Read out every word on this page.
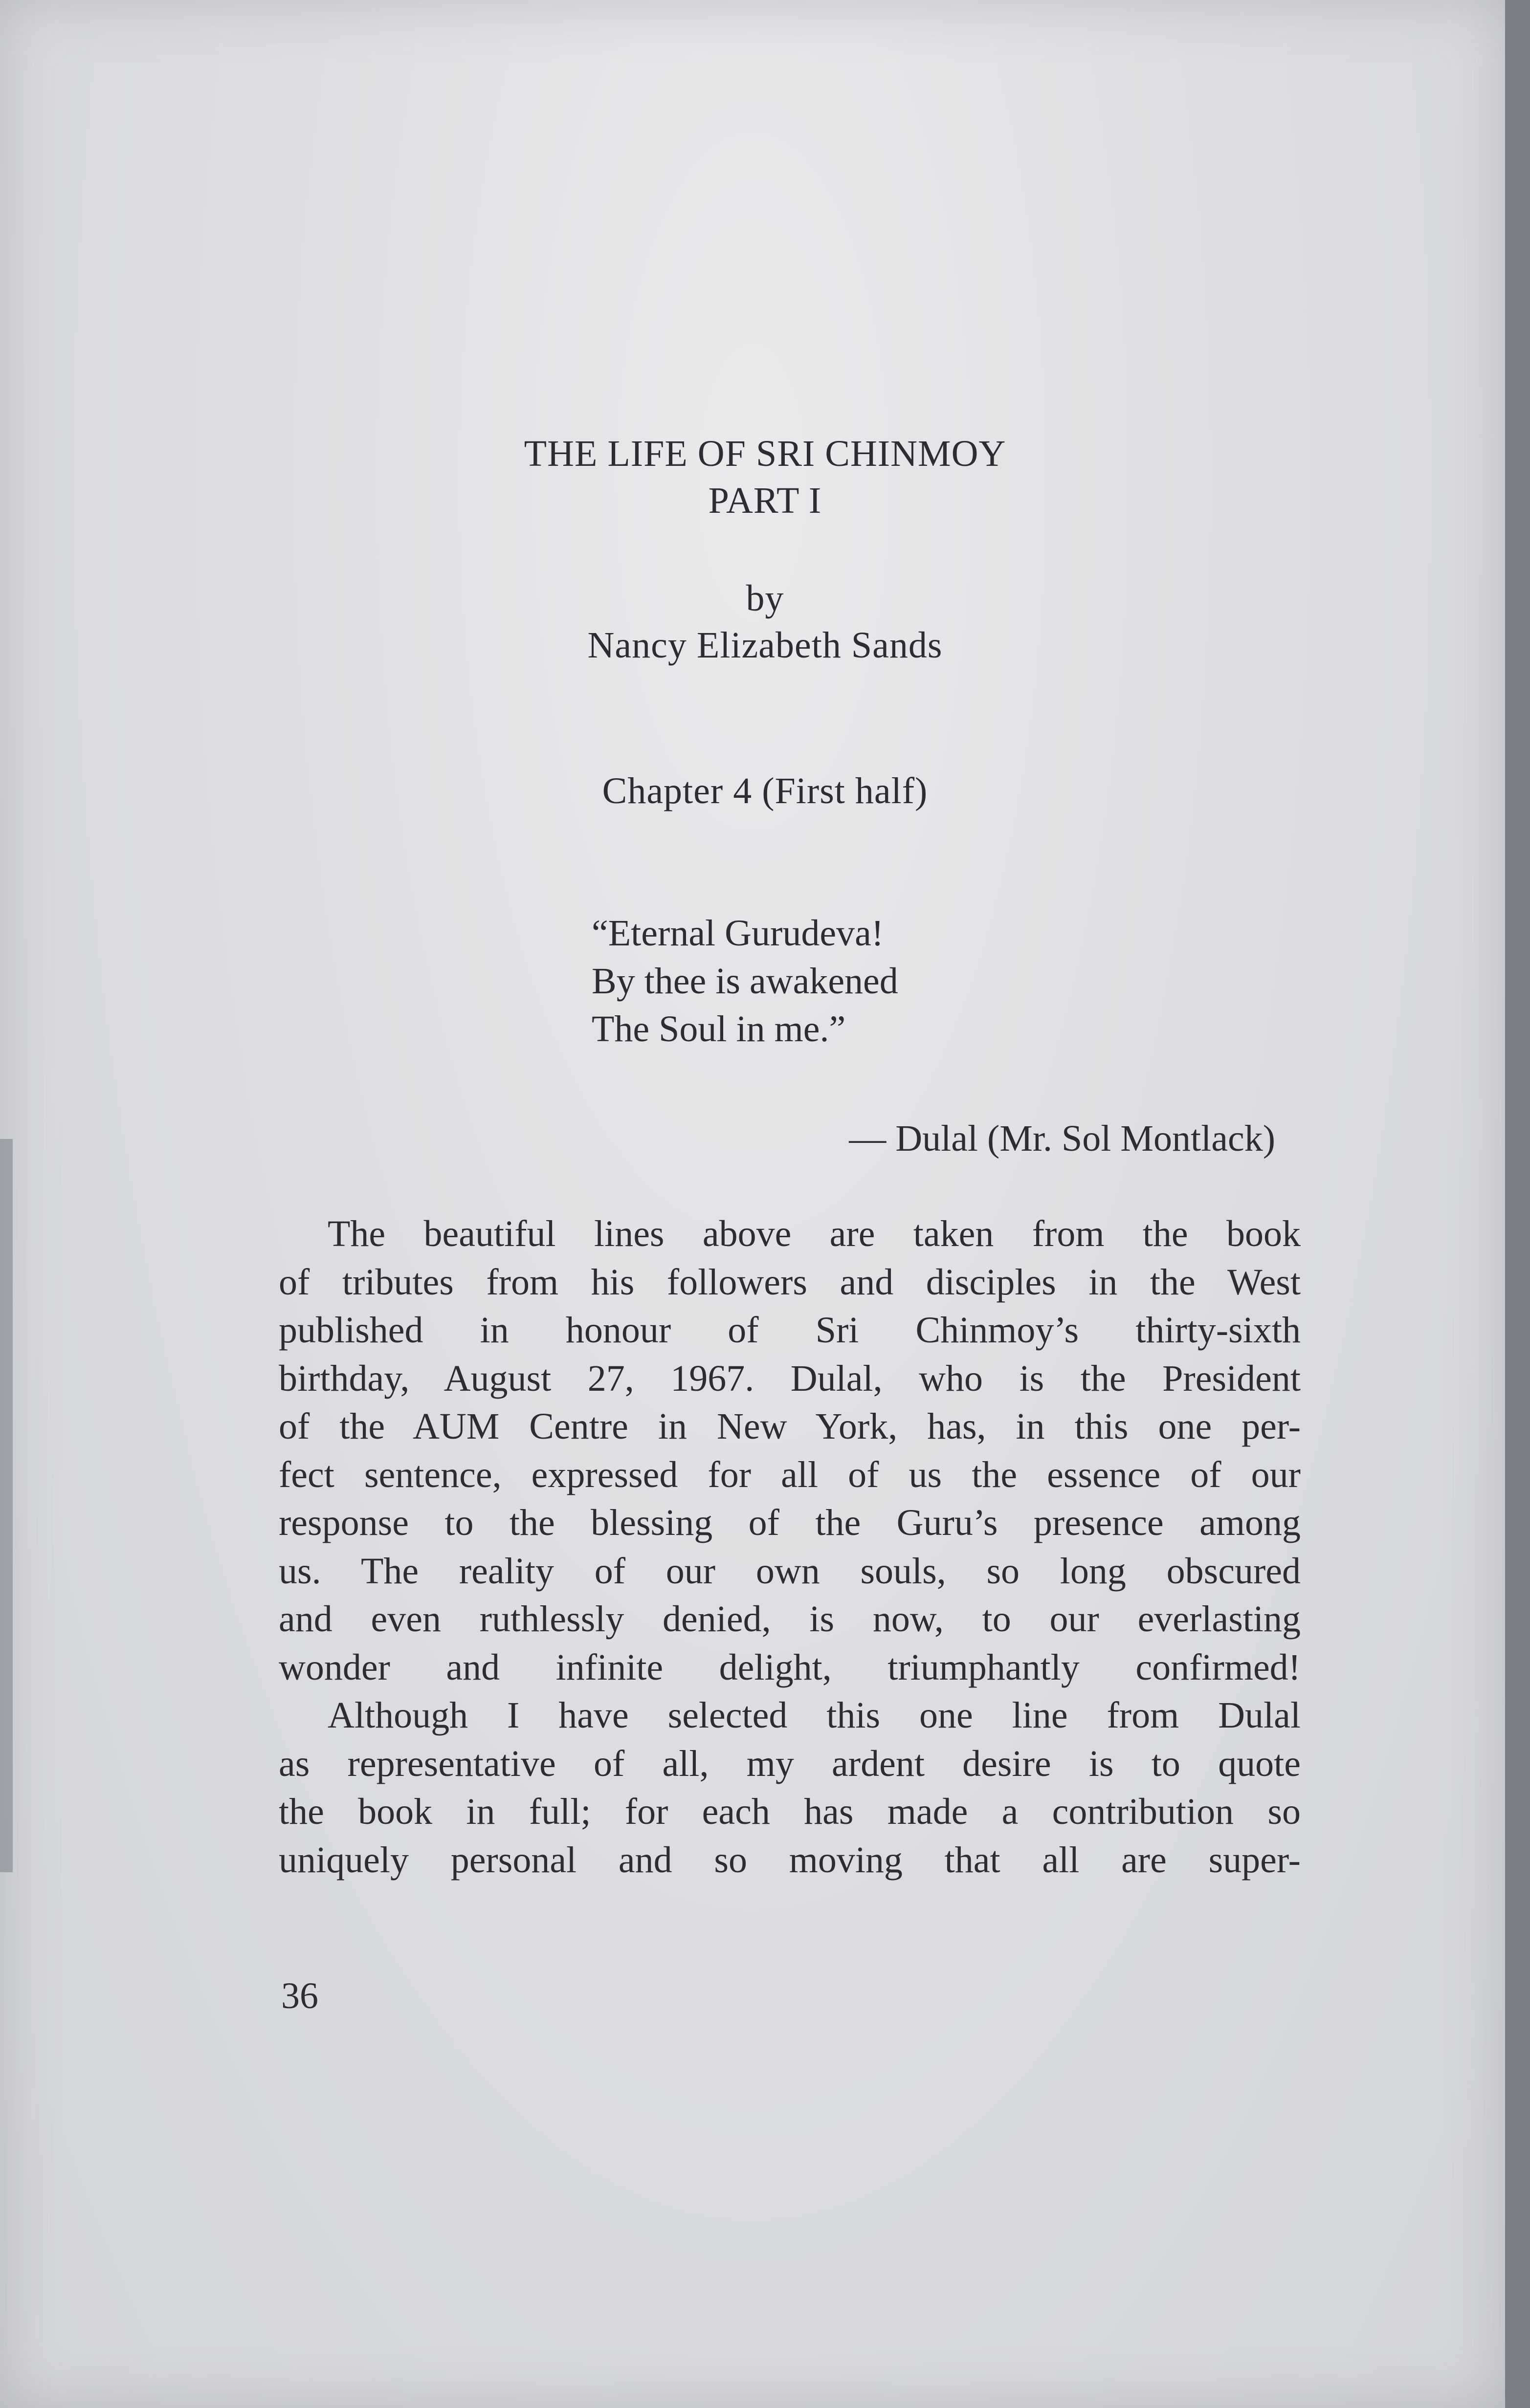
THE LIFE OF SRI CHINMOY

PART I

by

Nancy Elizabeth Sands

Chapter 4 (First half)

“Eternal Gurudeva!

By thee is awakened

The Soul in me.”

— Dulal (Mr. Sol Montlack)

The beautiful lines above are taken from the book
of tributes from his followers and disciples in the West
published in honour of Sri Chinmoy’s thirty-sixth
birthday, August 27, 1967. Dulal, who is the President
of the AUM Centre in New York, has, in this one per-
fect sentence, expressed for all of us the essence of our
response to the blessing of the Guru’s presence among
us. The reality of our own souls, so long obscured
and even ruthlessly denied, is now, to our everlasting
wonder and infinite delight, triumphantly confirmed!
Although I have selected this one line from Dulal
as representative of all, my ardent desire is to quote
the book in full; for each has made a contribution so
uniquely personal and so moving that all are super-

36
